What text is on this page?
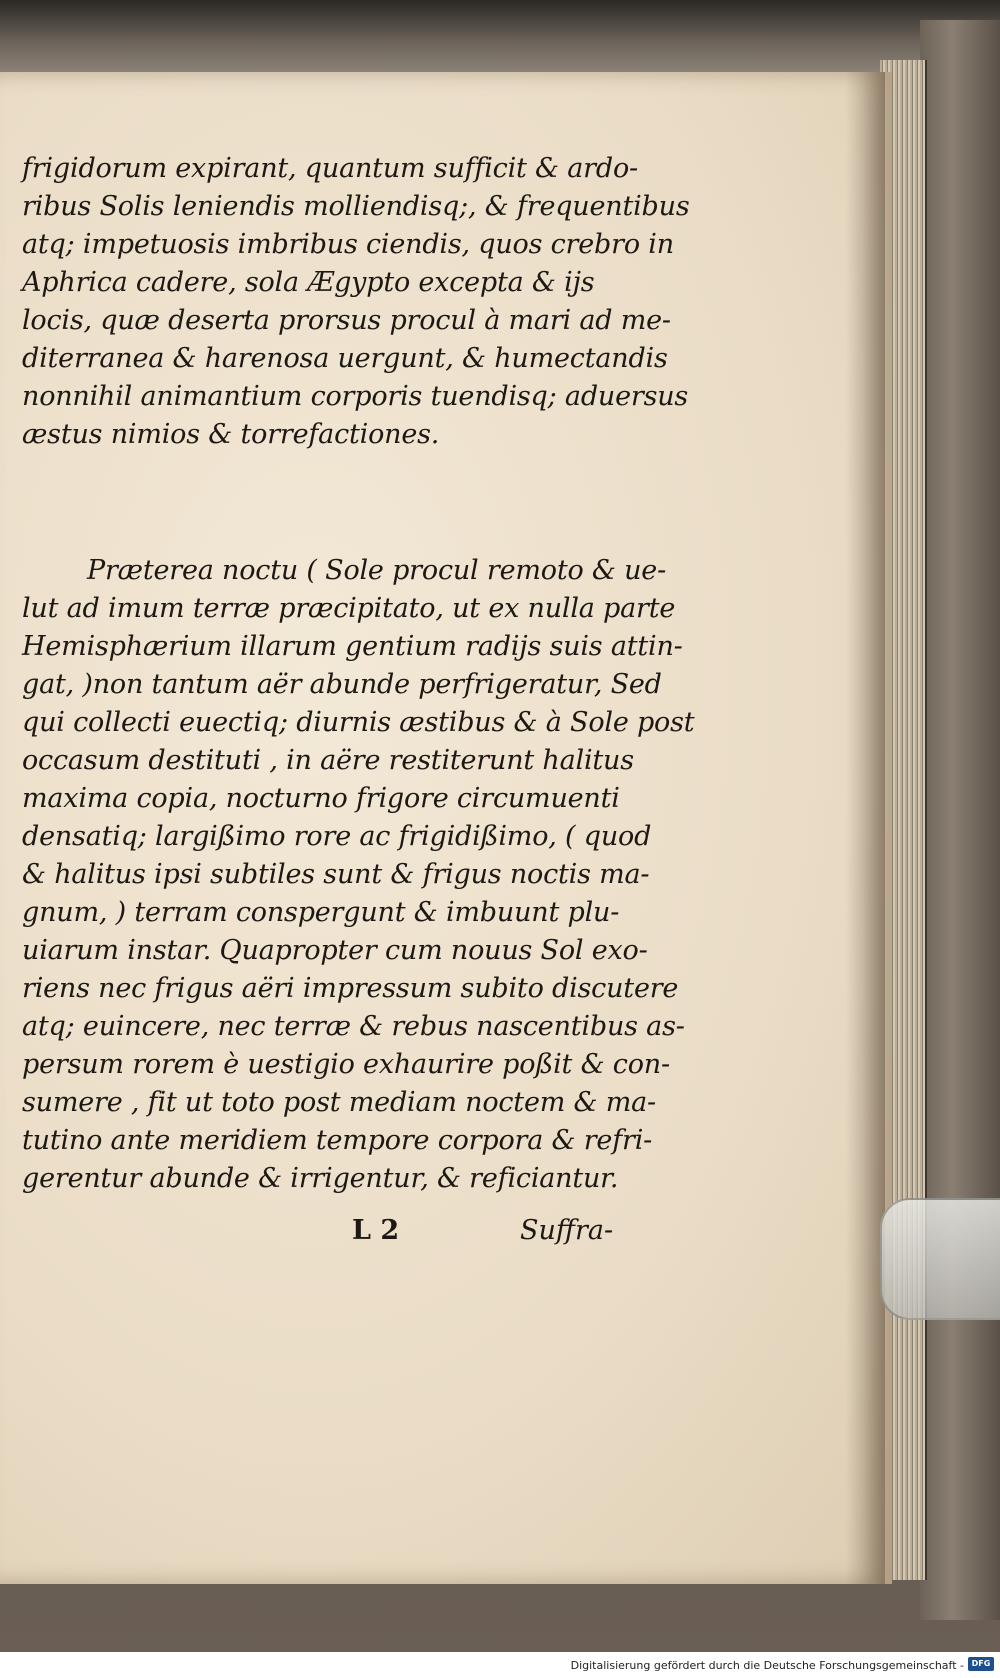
frigidorum expirant, quantum sufficit & ardo-
ribus Solis leniendis molliendisq;, & frequentibus
atq; impetuosis imbribus ciendis, quos crebro in
Aphrica cadere, sola Ægypto excepta & ijs
locis, quæ deserta prorsus procul à mari ad me-
diterranea & harenosa uergunt, & humectandis
nonnihil animantium corporis tuendisq; aduersus
æstus nimios & torrefactiones.
Præterea noctu ( Sole procul remoto & ue-
lut ad imum terræ præcipitato, ut ex nulla parte
Hemisphærium illarum gentium radijs suis attin-
gat, )non tantum aër abunde perfrigeratur, Sed
qui collecti euectiq; diurnis æstibus & à Sole post
occasum destituti , in aëre restiterunt halitus
maxima copia, nocturno frigore circumuenti
densatiq; largißimo rore ac frigidißimo, ( quod
& halitus ipsi subtiles sunt & frigus noctis ma-
gnum, ) terram conspergunt & imbuunt plu-
uiarum instar. Quapropter cum nouus Sol exo-
riens nec frigus aëri impressum subito discutere
atq; euincere, nec terræ & rebus nascentibus as-
persum rorem è uestigio exhaurire poßit & con-
sumere , fit ut toto post mediam noctem & ma-
tutino ante meridiem tempore corpora & refri-
gerentur abunde & irrigentur, & reficiantur.
L 2	Suffra-
Digitalisierung gefördert durch die Deutsche Forschungsgemeinschaft - DFG
